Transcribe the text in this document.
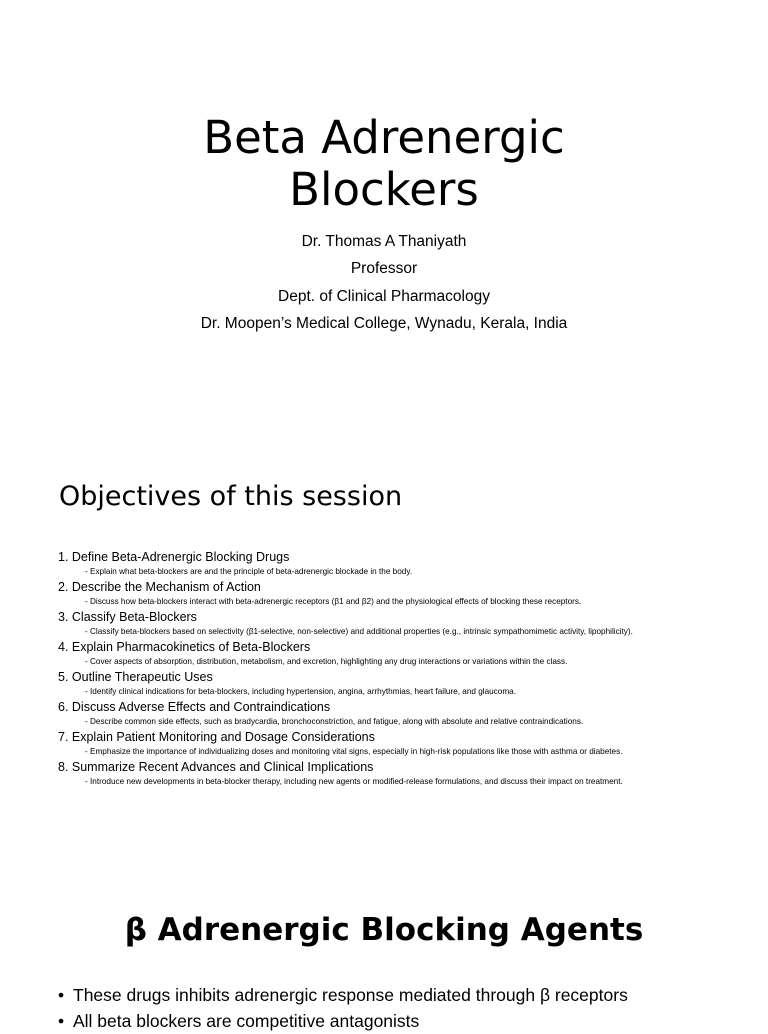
Beta Adrenergic
Blockers
Dr. Thomas A Thaniyath
Professor
Dept. of Clinical Pharmacology
Dr. Moopen’s Medical College, Wynadu, Kerala, India
Objectives of this session
1. Define Beta-Adrenergic Blocking Drugs
- Explain what beta-blockers are and the principle of beta-adrenergic blockade in the body.
2. Describe the Mechanism of Action
- Discuss how beta-blockers interact with beta-adrenergic receptors (β1 and β2) and the physiological effects of blocking these receptors.
3. Classify Beta-Blockers
- Classify beta-blockers based on selectivity (β1-selective, non-selective) and additional properties (e.g., intrinsic sympathomimetic activity, lipophilicity).
4. Explain Pharmacokinetics of Beta-Blockers
- Cover aspects of absorption, distribution, metabolism, and excretion, highlighting any drug interactions or variations within the class.
5. Outline Therapeutic Uses
- Identify clinical indications for beta-blockers, including hypertension, angina, arrhythmias, heart failure, and glaucoma.
6. Discuss Adverse Effects and Contraindications
- Describe common side effects, such as bradycardia, bronchoconstriction, and fatigue, along with absolute and relative contraindications.
7. Explain Patient Monitoring and Dosage Considerations
- Emphasize the importance of individualizing doses and monitoring vital signs, especially in high-risk populations like those with asthma or diabetes.
8. Summarize Recent Advances and Clinical Implications
- Introduce new developments in beta-blocker therapy, including new agents or modified-release formulations, and discuss their impact on treatment.
β Adrenergic Blocking Agents
• These drugs inhibits adrenergic response mediated through β receptors
• All beta blockers are competitive antagonists
